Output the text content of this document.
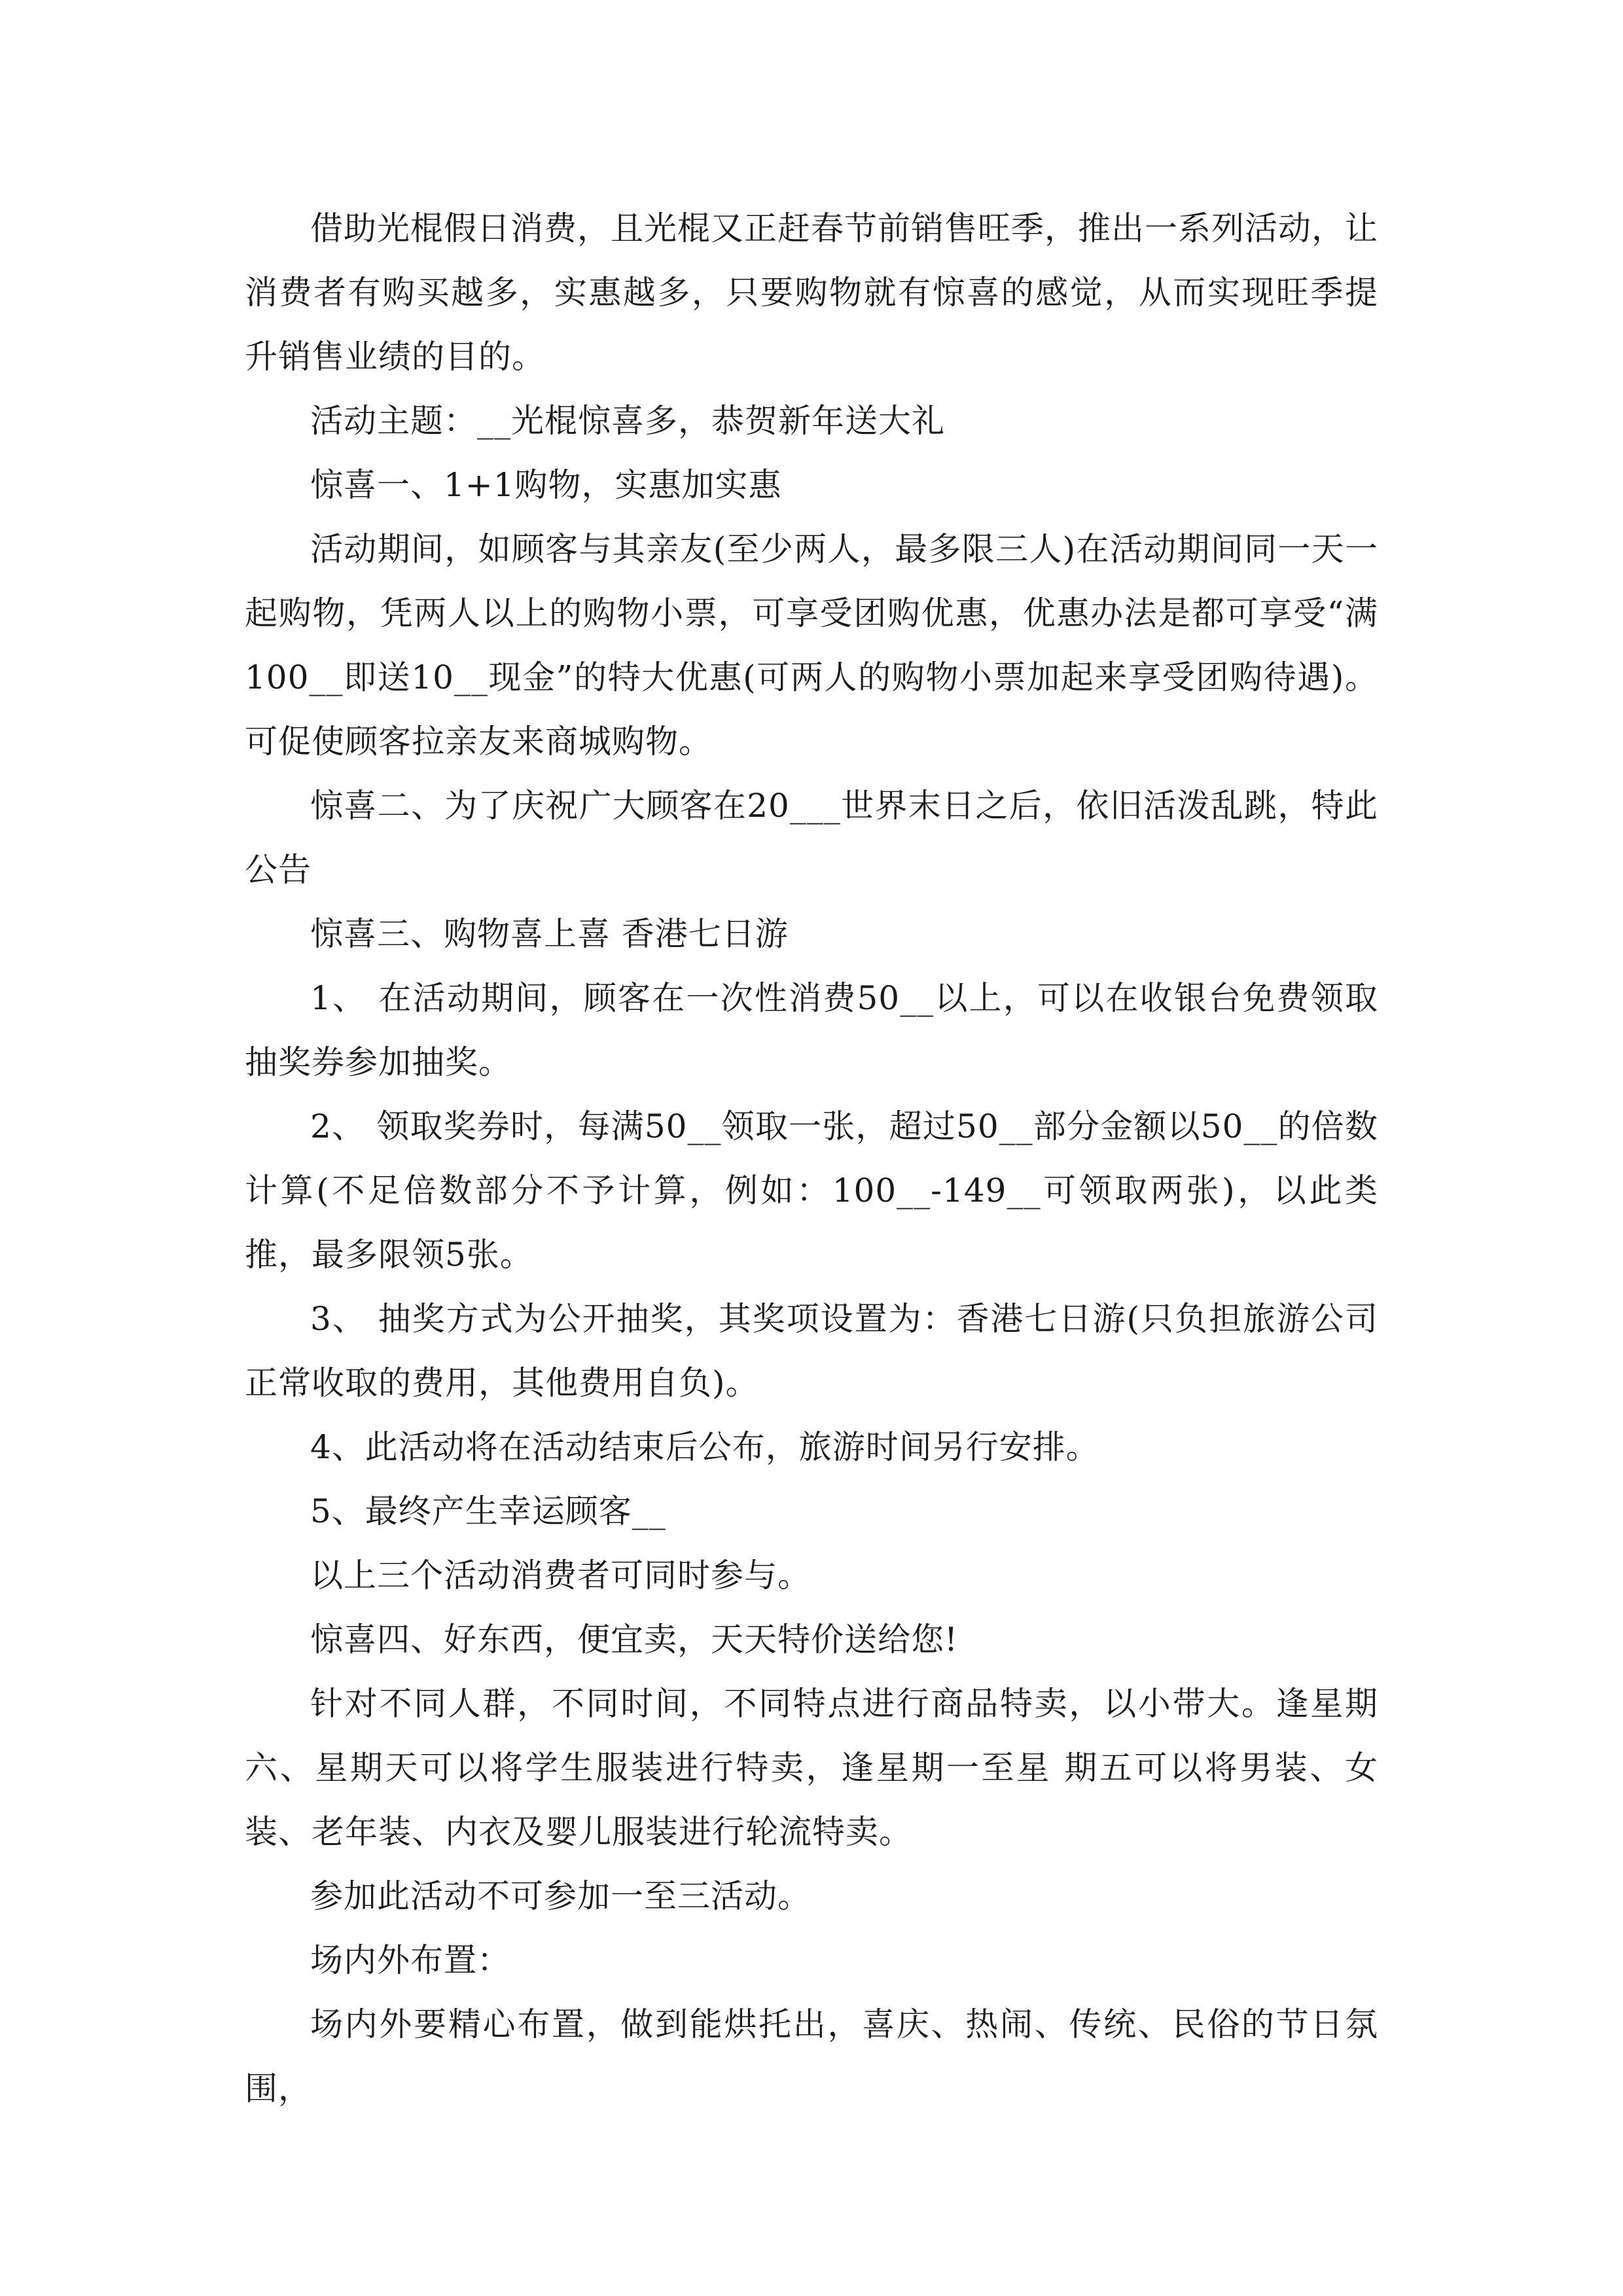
借助光棍假日消费，且光棍又正赶春节前销售旺季，推出一系列活动，让消费者有购买越多，实惠越多，只要购物就有惊喜的感觉，从而实现旺季提升销售业绩的目的。

活动主题：__光棍惊喜多，恭贺新年送大礼

惊喜一、1+1购物，实惠加实惠

活动期间，如顾客与其亲友(至少两人，最多限三人)在活动期间同一天一起购物，凭两人以上的购物小票，可享受团购优惠，优惠办法是都可享受“满100__即送10__现金”的特大优惠(可两人的购物小票加起来享受团购待遇)。可促使顾客拉亲友来商城购物。

惊喜二、为了庆祝广大顾客在20___世界末日之后，依旧活泼乱跳，特此公告

惊喜三、购物喜上喜 香港七日游

1、 在活动期间，顾客在一次性消费50__以上，可以在收银台免费领取抽奖券参加抽奖。

2、 领取奖券时，每满50__领取一张，超过50__部分金额以50__的倍数计算(不足倍数部分不予计算，例如：100__-149__可领取两张)，以此类推，最多限领5张。

3、 抽奖方式为公开抽奖，其奖项设置为：香港七日游(只负担旅游公司正常收取的费用，其他费用自负)。

4、此活动将在活动结束后公布，旅游时间另行安排。

5、最终产生幸运顾客__

以上三个活动消费者可同时参与。

惊喜四、好东西，便宜卖，天天特价送给您!

针对不同人群，不同时间，不同特点进行商品特卖，以小带大。逢星期六、星期天可以将学生服装进行特卖，逢星期一至星 期五可以将男装、女装、老年装、内衣及婴儿服装进行轮流特卖。

参加此活动不可参加一至三活动。

场内外布置：

场内外要精心布置，做到能烘托出，喜庆、热闹、传统、民俗的节日氛围，
